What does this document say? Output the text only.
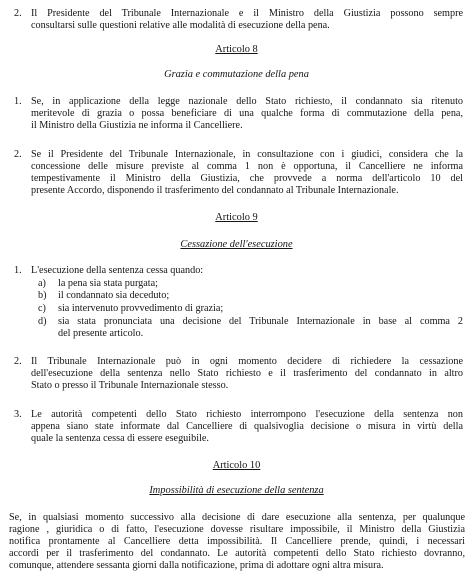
2. Il Presidente del Tribunale Internazionale e il Ministro della Giustizia possono sempre
consultarsi sulle questioni relative alle modalità di esecuzione della pena.
Articolo 8
Grazia e commutazione della pena
1. Se, in applicazione della legge nazionale dello Stato richiesto, il condannato sia ritenuto
meritevole di grazia o possa beneficiare di una qualche forma di commutazione della pena,
il Ministro della Giustizia ne informa il Cancelliere.
2. Se il Presidente del Tribunale Internazionale, in consultazione con i giudici, considera che la
concessione delle misure previste al comma 1 non è opportuna, il Cancelliere ne informa
tempestivamente il Ministro della Giustizia, che provvede a norma dell'articolo 10 del
presente Accordo, disponendo il trasferimento del condannato al Tribunale Internazionale.
Articolo 9
Cessazione dell'esecuzione
1. L'esecuzione della sentenza cessa quando:
a) la pena sia stata purgata;
b) il condannato sia deceduto;
c) sia intervenuto provvedimento di grazia;
d) sia stata pronunciata una decisione del Tribunale Internazionale in base al comma 2
del presente articolo.
2. Il Tribunale Internazionale può in ogni momento decidere di richiedere la cessazione
dell'esecuzione della sentenza nello Stato richiesto e il trasferimento del condannato in altro
Stato o presso il Tribunale Internazionale stesso.
3. Le autorità competenti dello Stato richiesto interrompono l'esecuzione della sentenza non
appena siano state informate dal Cancelliere di qualsivoglia decisione o misura in virtù della
quale la sentenza cessa di essere eseguibile.
Articolo 10
Impossibilità di esecuzione della sentenza
Se, in qualsiasi momento successivo alla decisione di dare esecuzione alla sentenza, per qualunque
ragione , giuridica o di fatto, l'esecuzione dovesse risultare impossibile, il Ministro della Giustizia
notifica prontamente al Cancelliere detta impossibilità. Il Cancelliere prende, quindi, i necessari
accordi per il trasferimento del condannato. Le autorità competenti dello Stato richiesto dovranno,
comunque, attendere sessanta giorni dalla notificazione, prima di adottare ogni altra misura.
